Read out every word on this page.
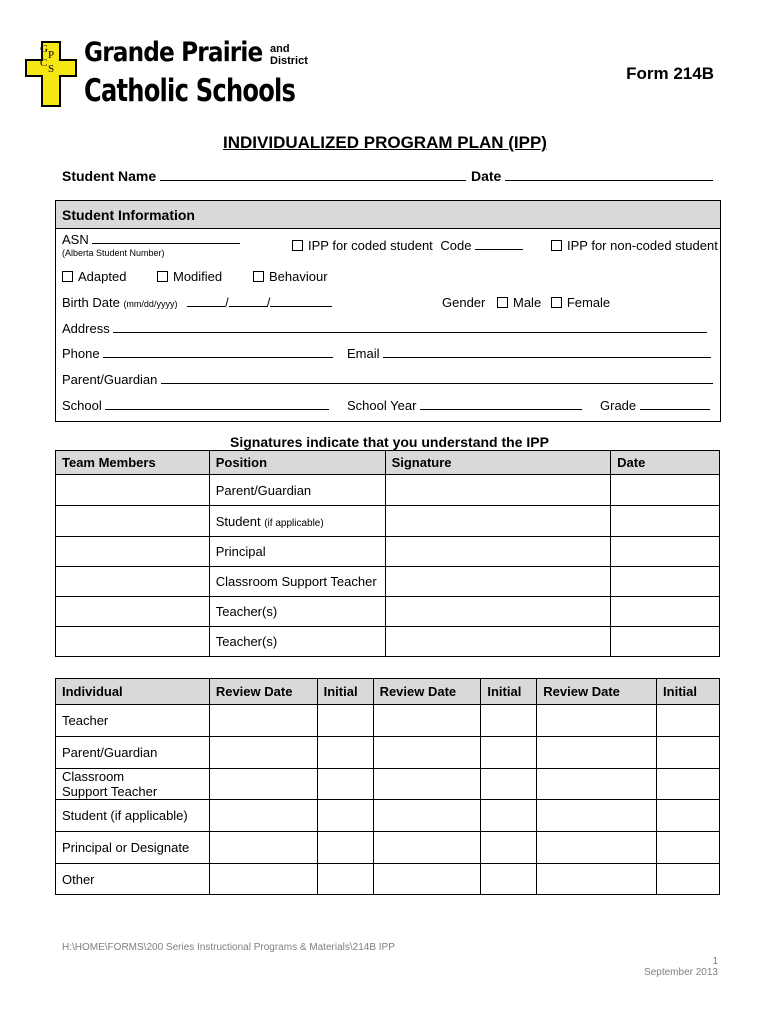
G P
C S
Grande Prairie and
District
Catholic Schools	Form 214B
INDIVIDUALIZED PROGRAM PLAN (IPP)
Student Name	Date
Student Information
ASN
(Alberta Student Number)	IPP for coded student Code	IPP for non-coded student
Adapted	Modified	Behaviour
Birth Date (mm/dd/yyyy)	/	/	Gender Male Female
Address
Phone	Email
Parent/Guardian
School	School Year	Grade
Signatures indicate that you understand the IPP
Team Members	Position	Signature	Date
	Parent/Guardian		
	Student (if applicable)		
	Principal		
	Classroom Support Teacher		
	Teacher(s)		
	Teacher(s)		
Individual	Review Date	Initial	Review Date	Initial	Review Date	Initial
Teacher						
Parent/Guardian						
Classroom Support Teacher						
Student (if applicable)						
Principal or Designate						
Other						
H:\HOME\FORMS\200 Series Instructional Programs & Materials\214B IPP
1
September 2013
